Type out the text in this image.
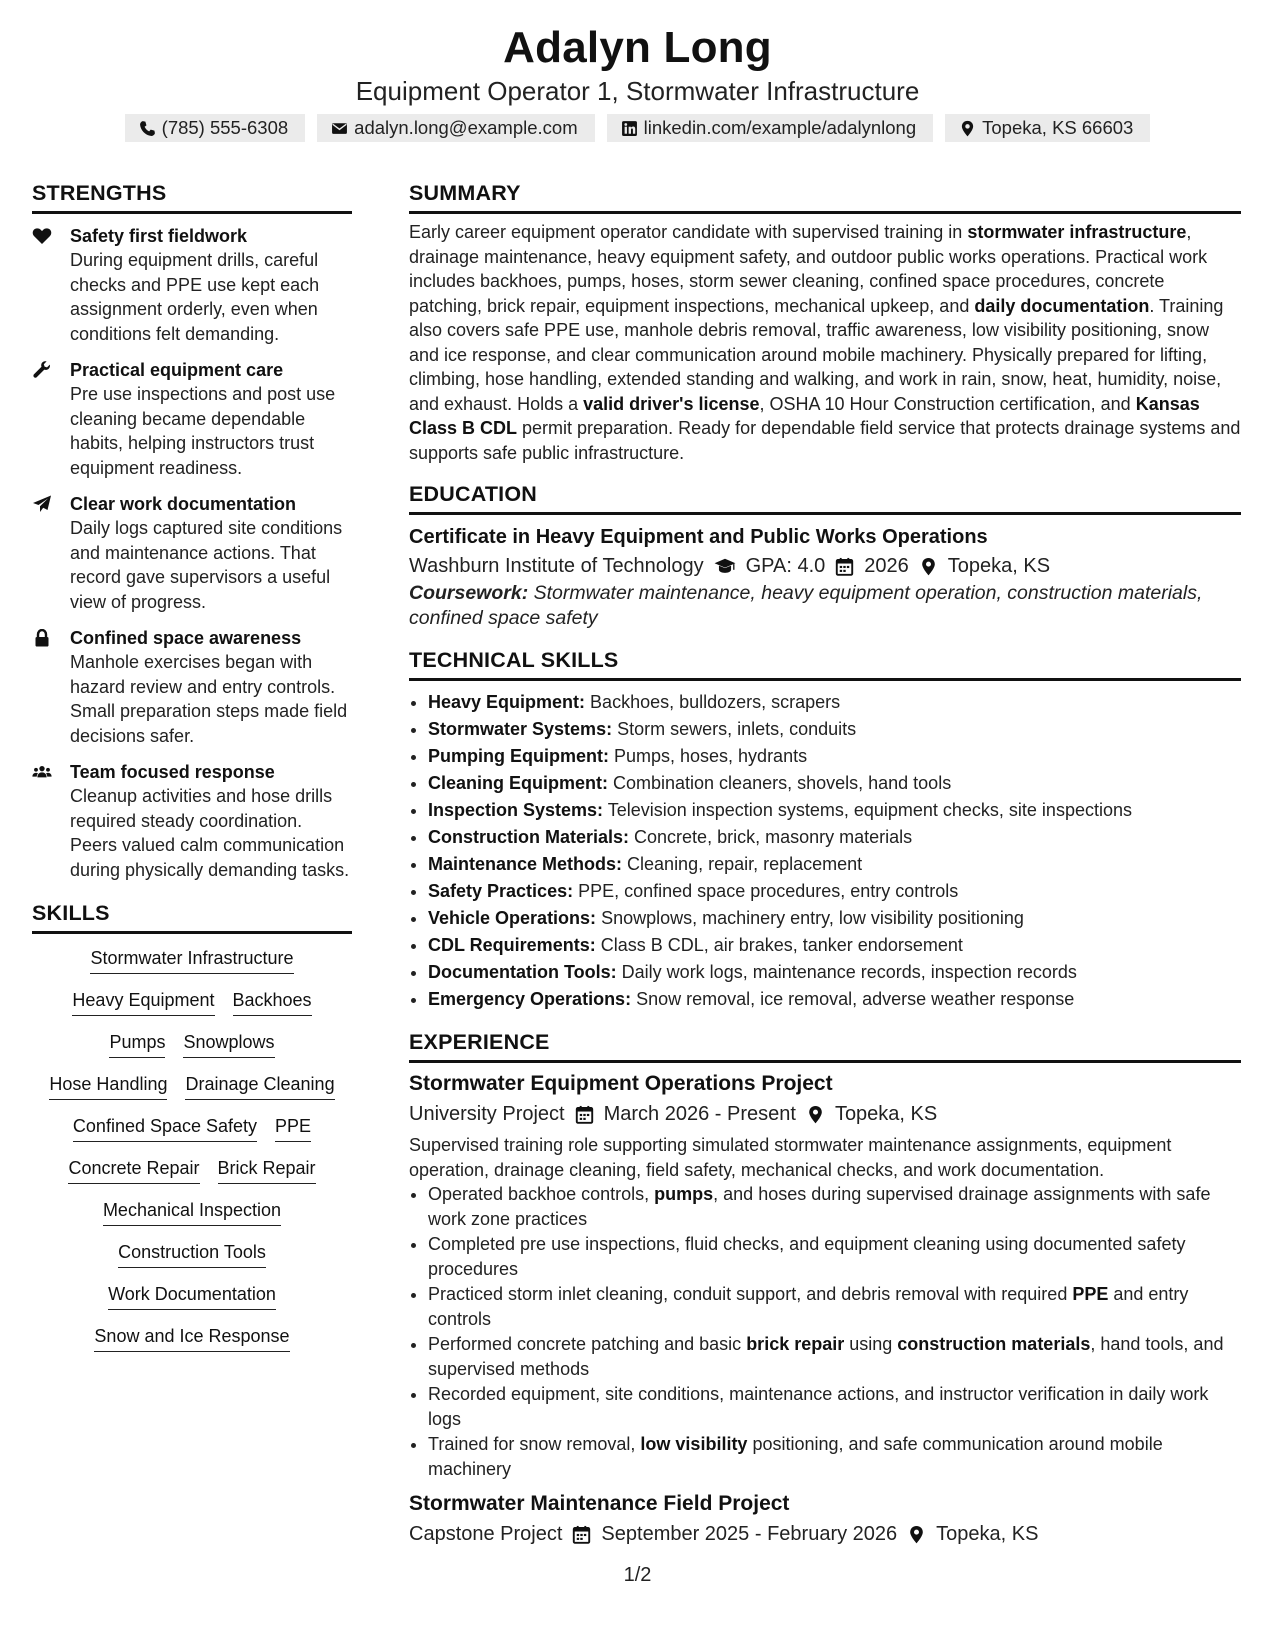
Adalyn Long
Equipment Operator 1, Stormwater Infrastructure
(785) 555-6308	adalyn.long@example.com	linkedin.com/example/adalynlong	Topeka, KS 66603
STRENGTHS
Safety first fieldwork
During equipment drills, careful checks and PPE use kept each assignment orderly, even when conditions felt demanding.
Practical equipment care
Pre use inspections and post use cleaning became dependable habits, helping instructors trust equipment readiness.
Clear work documentation
Daily logs captured site conditions and maintenance actions. That record gave supervisors a useful view of progress.
Confined space awareness
Manhole exercises began with hazard review and entry controls. Small preparation steps made field decisions safer.
Team focused response
Cleanup activities and hose drills required steady coordination. Peers valued calm communication during physically demanding tasks.
SKILLS
Stormwater Infrastructure
Heavy Equipment Backhoes
Pumps Snowplows
Hose Handling Drainage Cleaning
Confined Space Safety PPE
Concrete Repair Brick Repair
Mechanical Inspection
Construction Tools
Work Documentation
Snow and Ice Response
SUMMARY
Early career equipment operator candidate with supervised training in stormwater infrastructure, drainage maintenance, heavy equipment safety, and outdoor public works operations. Practical work includes backhoes, pumps, hoses, storm sewer cleaning, confined space procedures, concrete patching, brick repair, equipment inspections, mechanical upkeep, and daily documentation. Training also covers safe PPE use, manhole debris removal, traffic awareness, low visibility positioning, snow and ice response, and clear communication around mobile machinery. Physically prepared for lifting, climbing, hose handling, extended standing and walking, and work in rain, snow, heat, humidity, noise, and exhaust. Holds a valid driver's license, OSHA 10 Hour Construction certification, and Kansas Class B CDL permit preparation. Ready for dependable field service that protects drainage systems and supports safe public infrastructure.
EDUCATION
Certificate in Heavy Equipment and Public Works Operations
Washburn Institute of Technology GPA: 4.0 2026 Topeka, KS
Coursework: Stormwater maintenance, heavy equipment operation, construction materials, confined space safety
TECHNICAL SKILLS
• Heavy Equipment: Backhoes, bulldozers, scrapers
• Stormwater Systems: Storm sewers, inlets, conduits
• Pumping Equipment: Pumps, hoses, hydrants
• Cleaning Equipment: Combination cleaners, shovels, hand tools
• Inspection Systems: Television inspection systems, equipment checks, site inspections
• Construction Materials: Concrete, brick, masonry materials
• Maintenance Methods: Cleaning, repair, replacement
• Safety Practices: PPE, confined space procedures, entry controls
• Vehicle Operations: Snowplows, machinery entry, low visibility positioning
• CDL Requirements: Class B CDL, air brakes, tanker endorsement
• Documentation Tools: Daily work logs, maintenance records, inspection records
• Emergency Operations: Snow removal, ice removal, adverse weather response
EXPERIENCE
Stormwater Equipment Operations Project
University Project March 2026 - Present Topeka, KS
Supervised training role supporting simulated stormwater maintenance assignments, equipment operation, drainage cleaning, field safety, mechanical checks, and work documentation.
• Operated backhoe controls, pumps, and hoses during supervised drainage assignments with safe work zone practices
• Completed pre use inspections, fluid checks, and equipment cleaning using documented safety procedures
• Practiced storm inlet cleaning, conduit support, and debris removal with required PPE and entry controls
• Performed concrete patching and basic brick repair using construction materials, hand tools, and supervised methods
• Recorded equipment, site conditions, maintenance actions, and instructor verification in daily work logs
• Trained for snow removal, low visibility positioning, and safe communication around mobile machinery
Stormwater Maintenance Field Project
Capstone Project September 2025 - February 2026 Topeka, KS
1/2
